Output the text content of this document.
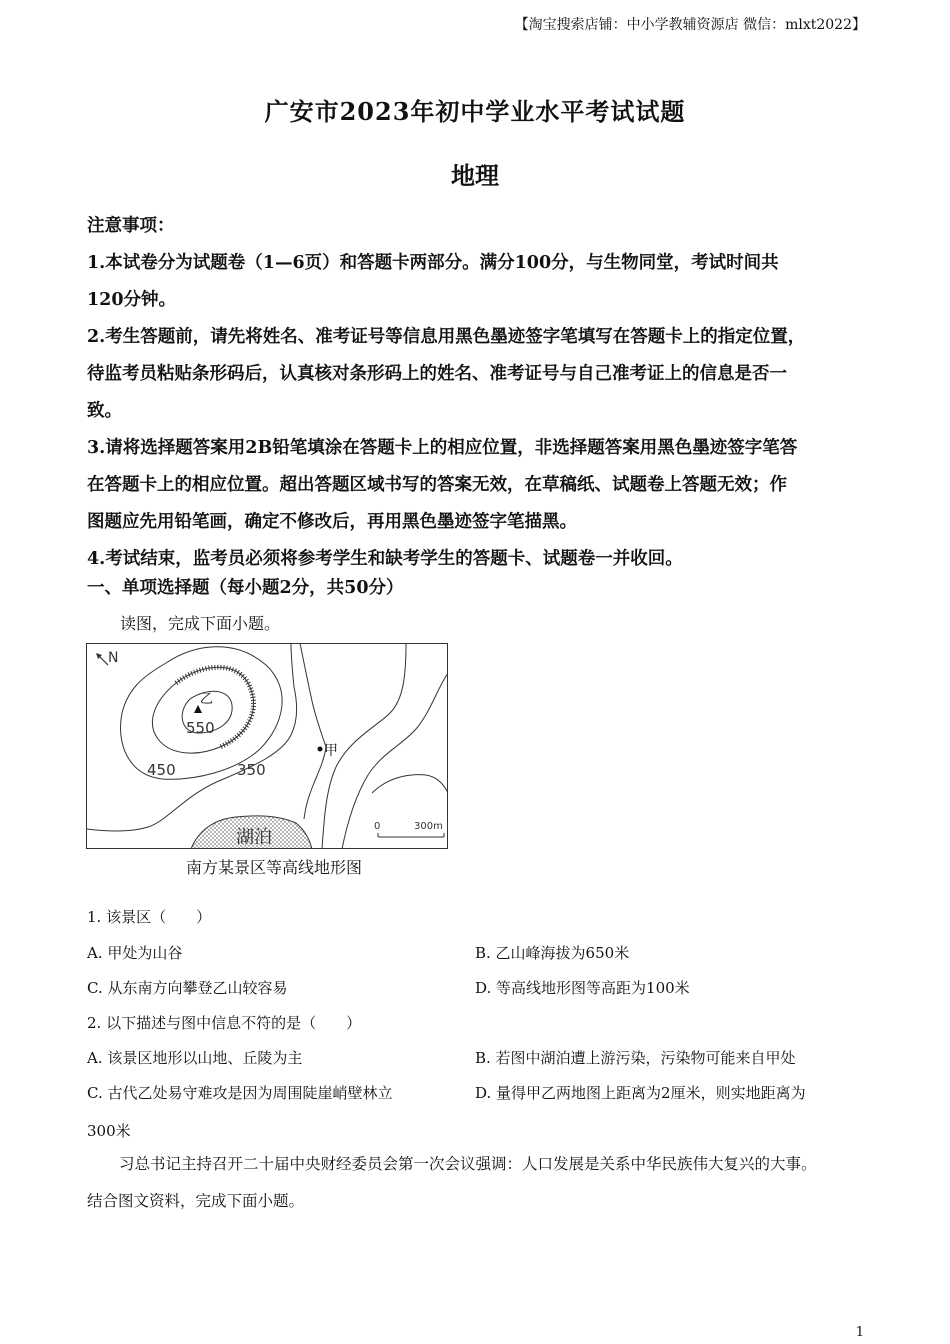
【淘宝搜索店铺：中小学教辅资源店 微信：mlxt2022】
广安市2023年初中学业水平考试试题
地理
注意事项：
1.本试卷分为试题卷（1—6页）和答题卡两部分。满分100分，与生物同堂，考试时间共
120分钟。
2.考生答题前，请先将姓名、准考证号等信息用黑色墨迹签字笔填写在答题卡上的指定位置，
待监考员粘贴条形码后，认真核对条形码上的姓名、准考证号与自己准考证上的信息是否一
致。
3.请将选择题答案用2B铅笔填涂在答题卡上的相应位置，非选择题答案用黑色墨迹签字笔答
在答题卡上的相应位置。超出答题区域书写的答案无效，在草稿纸、试题卷上答题无效；作
图题应先用铅笔画，确定不修改后，再用黑色墨迹签字笔描黑。
4.考试结束，监考员必须将参考学生和缺考学生的答题卡、试题卷一并收回。
一、单项选择题（每小题2分，共50分）
读图，完成下面小题。
N
乙
550
450	350
甲
湖泊
0	300m
南方某景区等高线地形图
1. 该景区（　　）
A. 甲处为山谷	B. 乙山峰海拔为650米
C. 从东南方向攀登乙山较容易	D. 等高线地形图等高距为100米
2. 以下描述与图中信息不符的是（　　）
A. 该景区地形以山地、丘陵为主	B. 若图中湖泊遭上游污染，污染物可能来自甲处
C. 古代乙处易守难攻是因为周围陡崖峭壁林立	D. 量得甲乙两地图上距离为2厘米，则实地距离为
300米
习总书记主持召开二十届中央财经委员会第一次会议强调：人口发展是关系中华民族伟大复兴的大事。
结合图文资料，完成下面小题。
1
